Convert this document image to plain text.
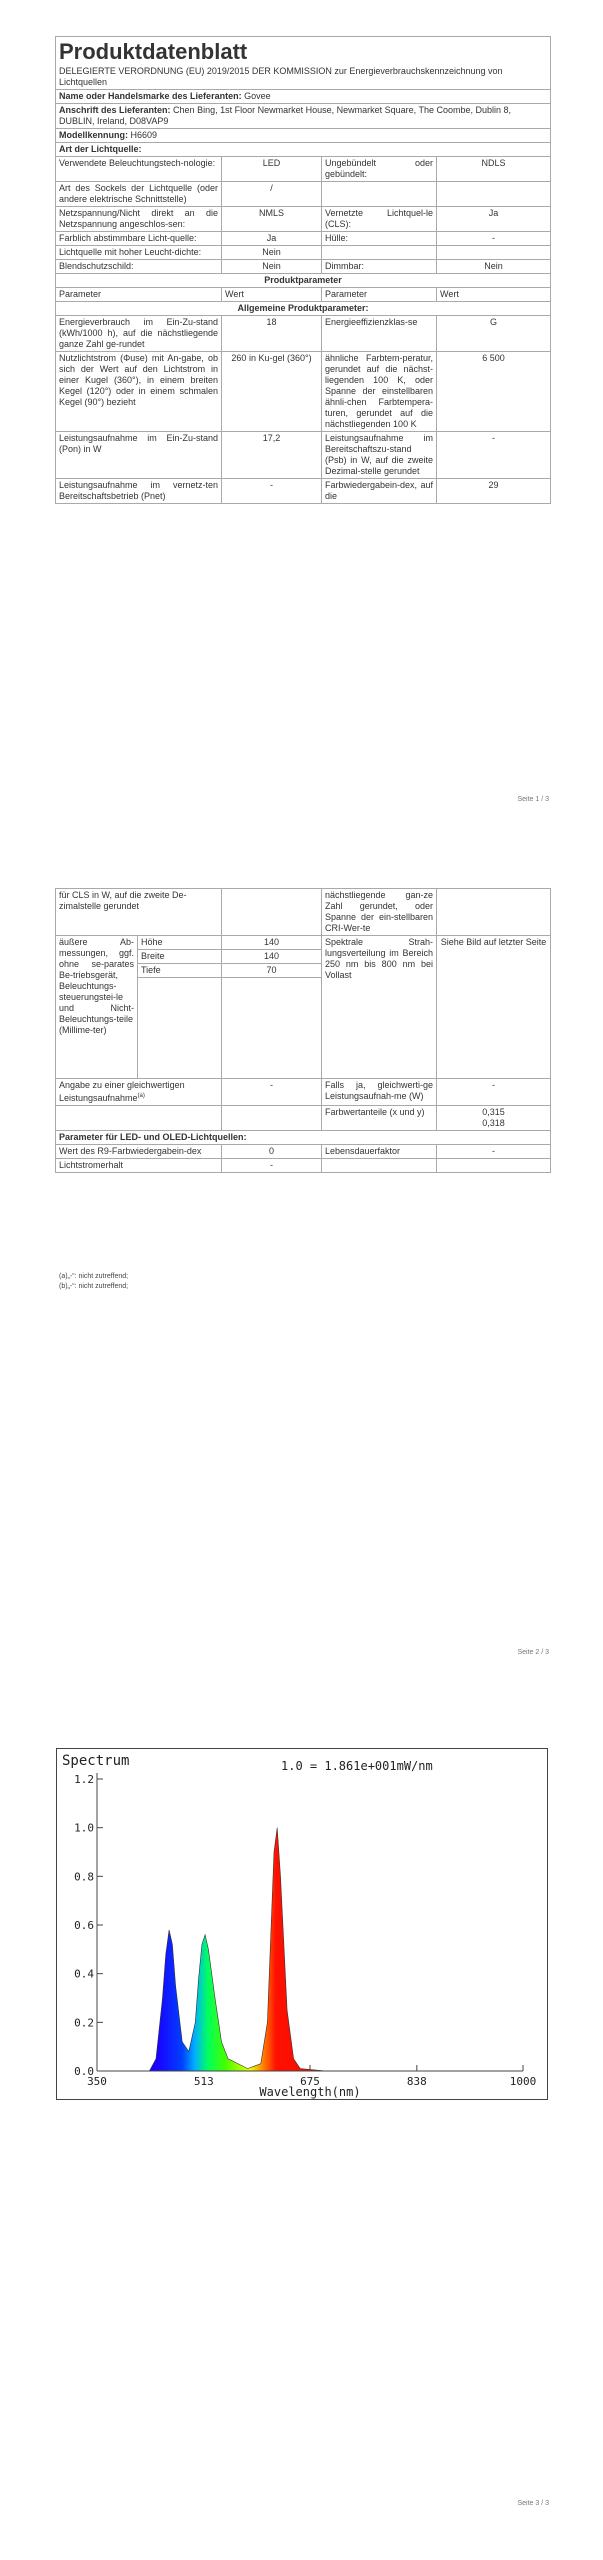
Produktdatenblatt			
DELEGIERTE VERORDNUNG (EU) 2019/2015 DER KOMMISSION zur Energieverbrauchskennzeichnung von Lichtquellen			
Name oder Handelsmarke des Lieferanten: Govee			
Anschrift des Lieferanten: Chen Bing, 1st Floor Newmarket House, Newmarket Square, The Coombe, Dublin 8, DUBLIN, Ireland, D08VAP9			
Modellkennung: H6609			
Art der Lichtquelle:			
Verwendete Beleuchtungstech-nologie:	LED	Ungebündelt oder gebündelt:	NDLS
Art des Sockels der Lichtquelle (oder andere elektrische Schnittstelle)	/		
Netzspannung/Nicht direkt an die Netzspannung angeschlos-sen:	NMLS	Vernetzte Lichtquel-le (CLS):	Ja
Farblich abstimmbare Licht-quelle:	Ja	Hülle:	-
Lichtquelle mit hoher Leucht-dichte:	Nein		
Blendschutzschild:	Nein	Dimmbar:	Nein
Produktparameter			
Parameter	Wert	Parameter	Wert
Allgemeine Produktparameter:			
Energieverbrauch im Ein-Zu-stand (kWh/1000 h), auf die nächstliegende ganze Zahl ge-rundet	18	Energieeffizienzklas-se	G
Nutzlichtstrom (Φuse) mit An-gabe, ob sich der Wert auf den Lichtstrom in einer Kugel (360°), in einem breiten Kegel (120°) oder in einem schmalen Kegel (90°) bezieht	260 in Ku-gel (360°)	ähnliche Farbtem-peratur, gerundet auf die nächst-liegenden 100 K, oder Spanne der einstellbaren ähnli-chen Farbtempera-turen, gerundet auf die nächstliegenden 100 K	6 500
Leistungsaufnahme im Ein-Zu-stand (Pon) in W	17,2	Leistungsaufnahme im Bereitschaftszu-stand (Psb) in W, auf die zweite Dezimal-stelle gerundet	-
Leistungsaufnahme im vernetz-ten Bereitschaftsbetrieb (Pnet)	-	Farbwiedergabein-dex, auf die	29
Seite 1 / 3
für CLS in W, auf die zweite De-zimalstelle gerundet			nächstliegende gan-ze Zahl gerundet, oder Spanne der ein-stellbaren CRI-Wer-te	
äußere Ab-messungen, ggf. ohne se-parates Be-triebsgerät, Beleuchtungs-steuerungstei-le und Nicht-Beleuchtungs-teile (Millime-ter)	Höhe	140	Spektrale Strah-lungsverteilung im Bereich 250 nm bis 800 nm bei Vollast	Siehe Bild auf letzter Seite
	Breite	140		
	Tiefe	70		

Angabe zu einer gleichwertigen Leistungsaufnahme$^{(a)}$		-	Falls ja, gleichwerti-ge Leistungsaufnah-me (W)	-
			Farbwertanteile (x und y)	0,315
0,318

Parameter für LED- und OLED-Lichtquellen:				
Wert des R9-Farbwiedergabein-dex		0	Lebensdauerfaktor	-
Lichtstromerhalt		-		
(a)„-“: nicht zutreffend;
(b)„-“: nicht zutreffend;
Seite 2 / 3
Spectrum	1.0 = 1.861e+001mW/nm
0.0
0.2
0.4
0.6
0.8
1.0
1.2
350	513	675	838	1000
Wavelength(nm)
Seite 3 / 3
